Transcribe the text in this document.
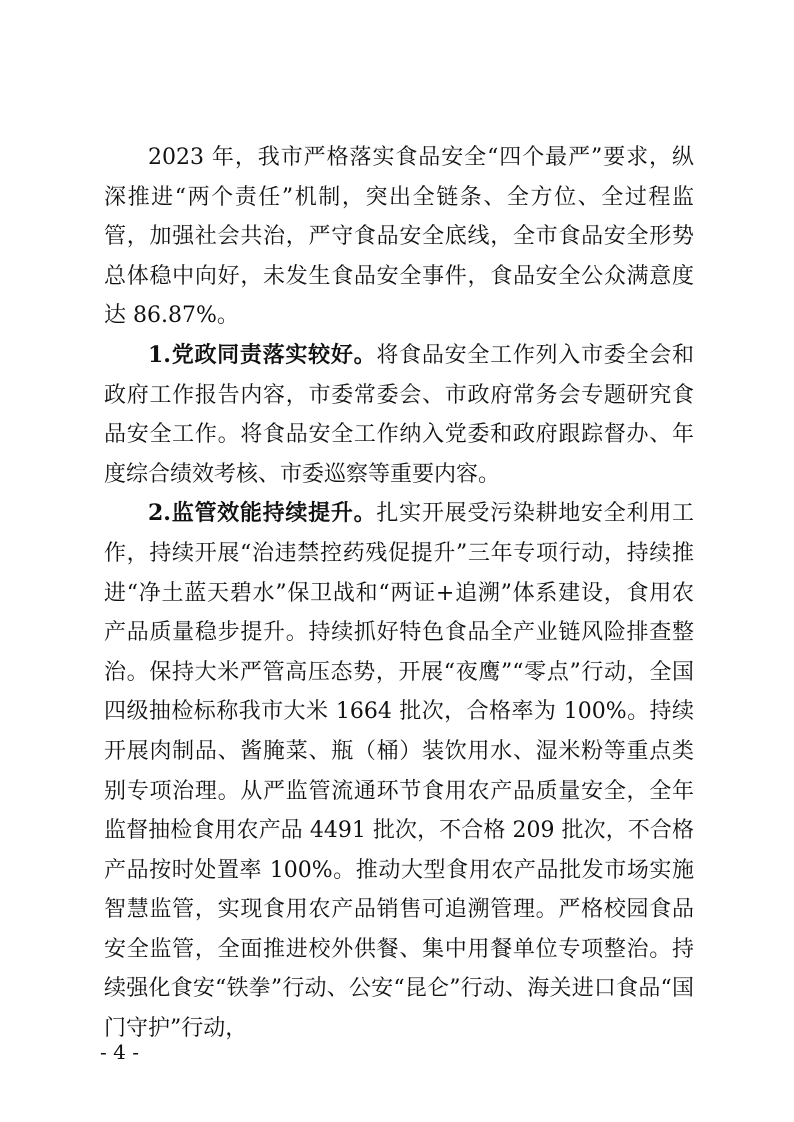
2023 年，我市严格落实食品安全“四个最严”要求，纵深推进“两个责任”机制，突出全链条、全方位、全过程监管，加强社会共治，严守食品安全底线，全市食品安全形势总体稳中向好，未发生食品安全事件，食品安全公众满意度达 86.87%。

1.党政同责落实较好。将食品安全工作列入市委全会和政府工作报告内容，市委常委会、市政府常务会专题研究食品安全工作。将食品安全工作纳入党委和政府跟踪督办、年度综合绩效考核、市委巡察等重要内容。

2.监管效能持续提升。扎实开展受污染耕地安全利用工作，持续开展“治违禁控药残促提升”三年专项行动，持续推进“净土蓝天碧水”保卫战和“两证+追溯”体系建设，食用农产品质量稳步提升。持续抓好特色食品全产业链风险排查整治。保持大米严管高压态势，开展“夜鹰”“零点”行动，全国四级抽检标称我市大米 1664 批次，合格率为 100%。持续开展肉制品、酱腌菜、瓶（桶）装饮用水、湿米粉等重点类别专项治理。从严监管流通环节食用农产品质量安全，全年监督抽检食用农产品 4491 批次，不合格 209 批次，不合格产品按时处置率 100%。推动大型食用农产品批发市场实施智慧监管，实现食用农产品销售可追溯管理。严格校园食品安全监管，全面推进校外供餐、集中用餐单位专项整治。持续强化食安“铁拳”行动、公安“昆仑”行动、海关进口食品“国门守护”行动，

- 4 -
